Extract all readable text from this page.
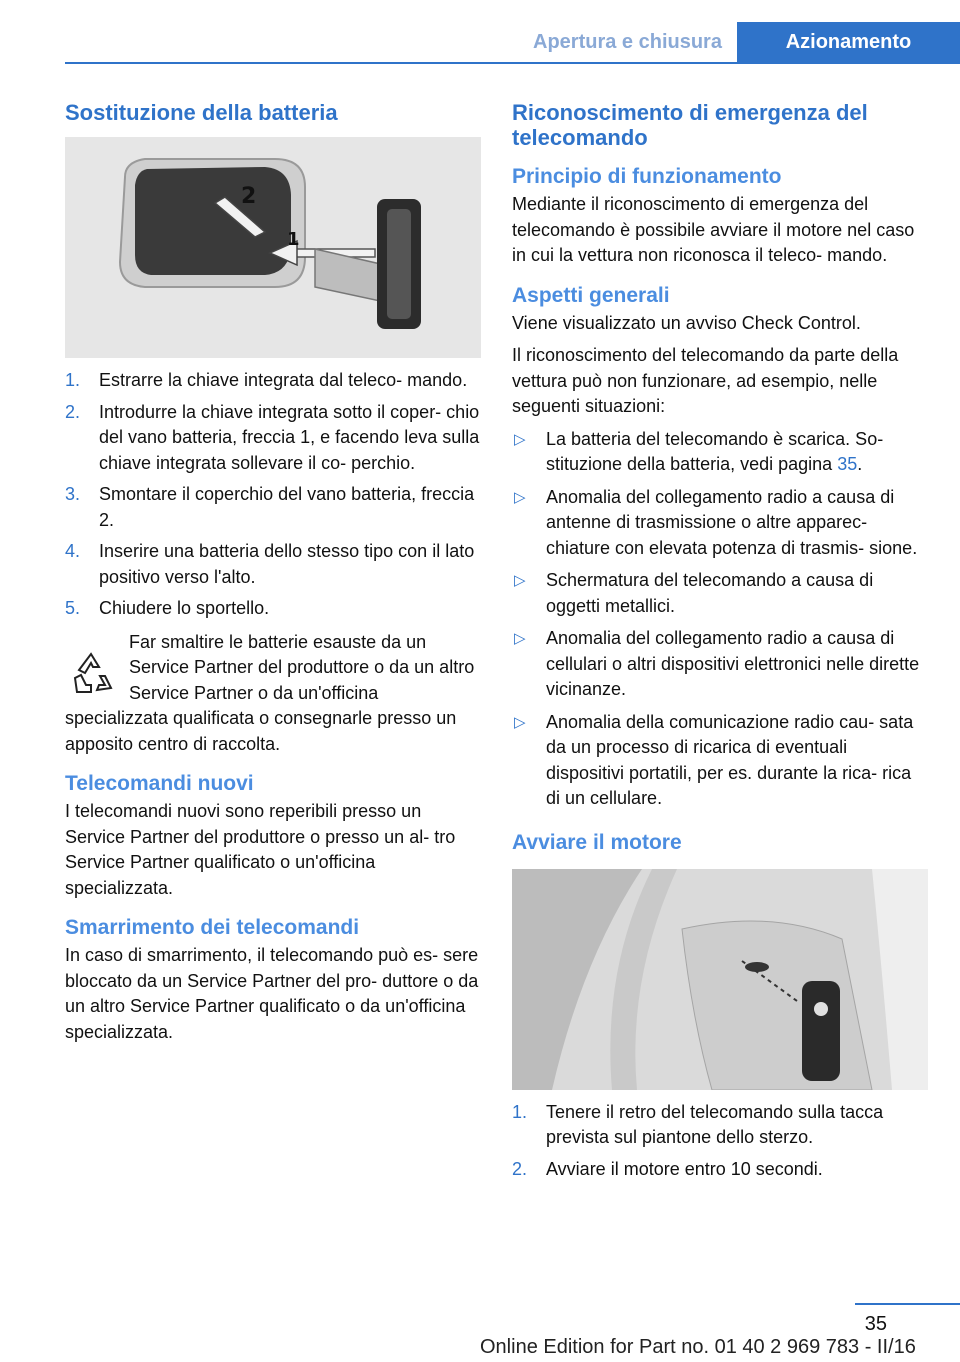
Apertura e chiusura	Azionamento
Sostituzione della batteria
2
1
1. Estrarre la chiave integrata dal teleco- mando.
2. Introdurre la chiave integrata sotto il coper- chio del vano batteria, freccia 1, e facendo leva sulla chiave integrata sollevare il co- perchio.
3. Smontare il coperchio del vano batteria, freccia 2.
4. Inserire una batteria dello stesso tipo con il lato positivo verso l'alto.
5. Chiudere lo sportello.
Far smaltire le batterie esauste da un Service Partner del produttore o da un altro Service Partner o da un'officina specializzata qualificata o consegnarle presso un apposito centro di raccolta.
Telecomandi nuovi

I telecomandi nuovi sono reperibili presso un Service Partner del produttore o presso un al- tro Service Partner qualificato o un'officina specializzata.

Smarrimento dei telecomandi

In caso di smarrimento, il telecomando può es- sere bloccato da un Service Partner del pro- duttore o da un altro Service Partner qualificato o da un'officina specializzata.

Riconoscimento di emergenza del telecomando
Principio di funzionamento

Mediante il riconoscimento di emergenza del telecomando è possibile avviare il motore nel caso in cui la vettura non riconosca il teleco- mando.

Aspetti generali

Viene visualizzato un avviso Check Control.

Il riconoscimento del telecomando da parte della vettura può non funzionare, ad esempio, nelle seguenti situazioni:

▷ La batteria del telecomando è scarica. So- stituzione della batteria, vedi pagina 35.
▷ Anomalia del collegamento radio a causa di antenne di trasmissione o altre apparec- chiature con elevata potenza di trasmis- sione.
▷ Schermatura del telecomando a causa di oggetti metallici.
▷ Anomalia del collegamento radio a causa di cellulari o altri dispositivi elettronici nelle dirette vicinanze.
▷ Anomalia della comunicazione radio cau- sata da un processo di ricarica di eventuali dispositivi portatili, per es. durante la rica- rica di un cellulare.
Avviare il motore
1. Tenere il retro del telecomando sulla tacca prevista sul piantone dello sterzo.
2. Avviare il motore entro 10 secondi.
35
Online Edition for Part no. 01 40 2 969 783 - II/16
